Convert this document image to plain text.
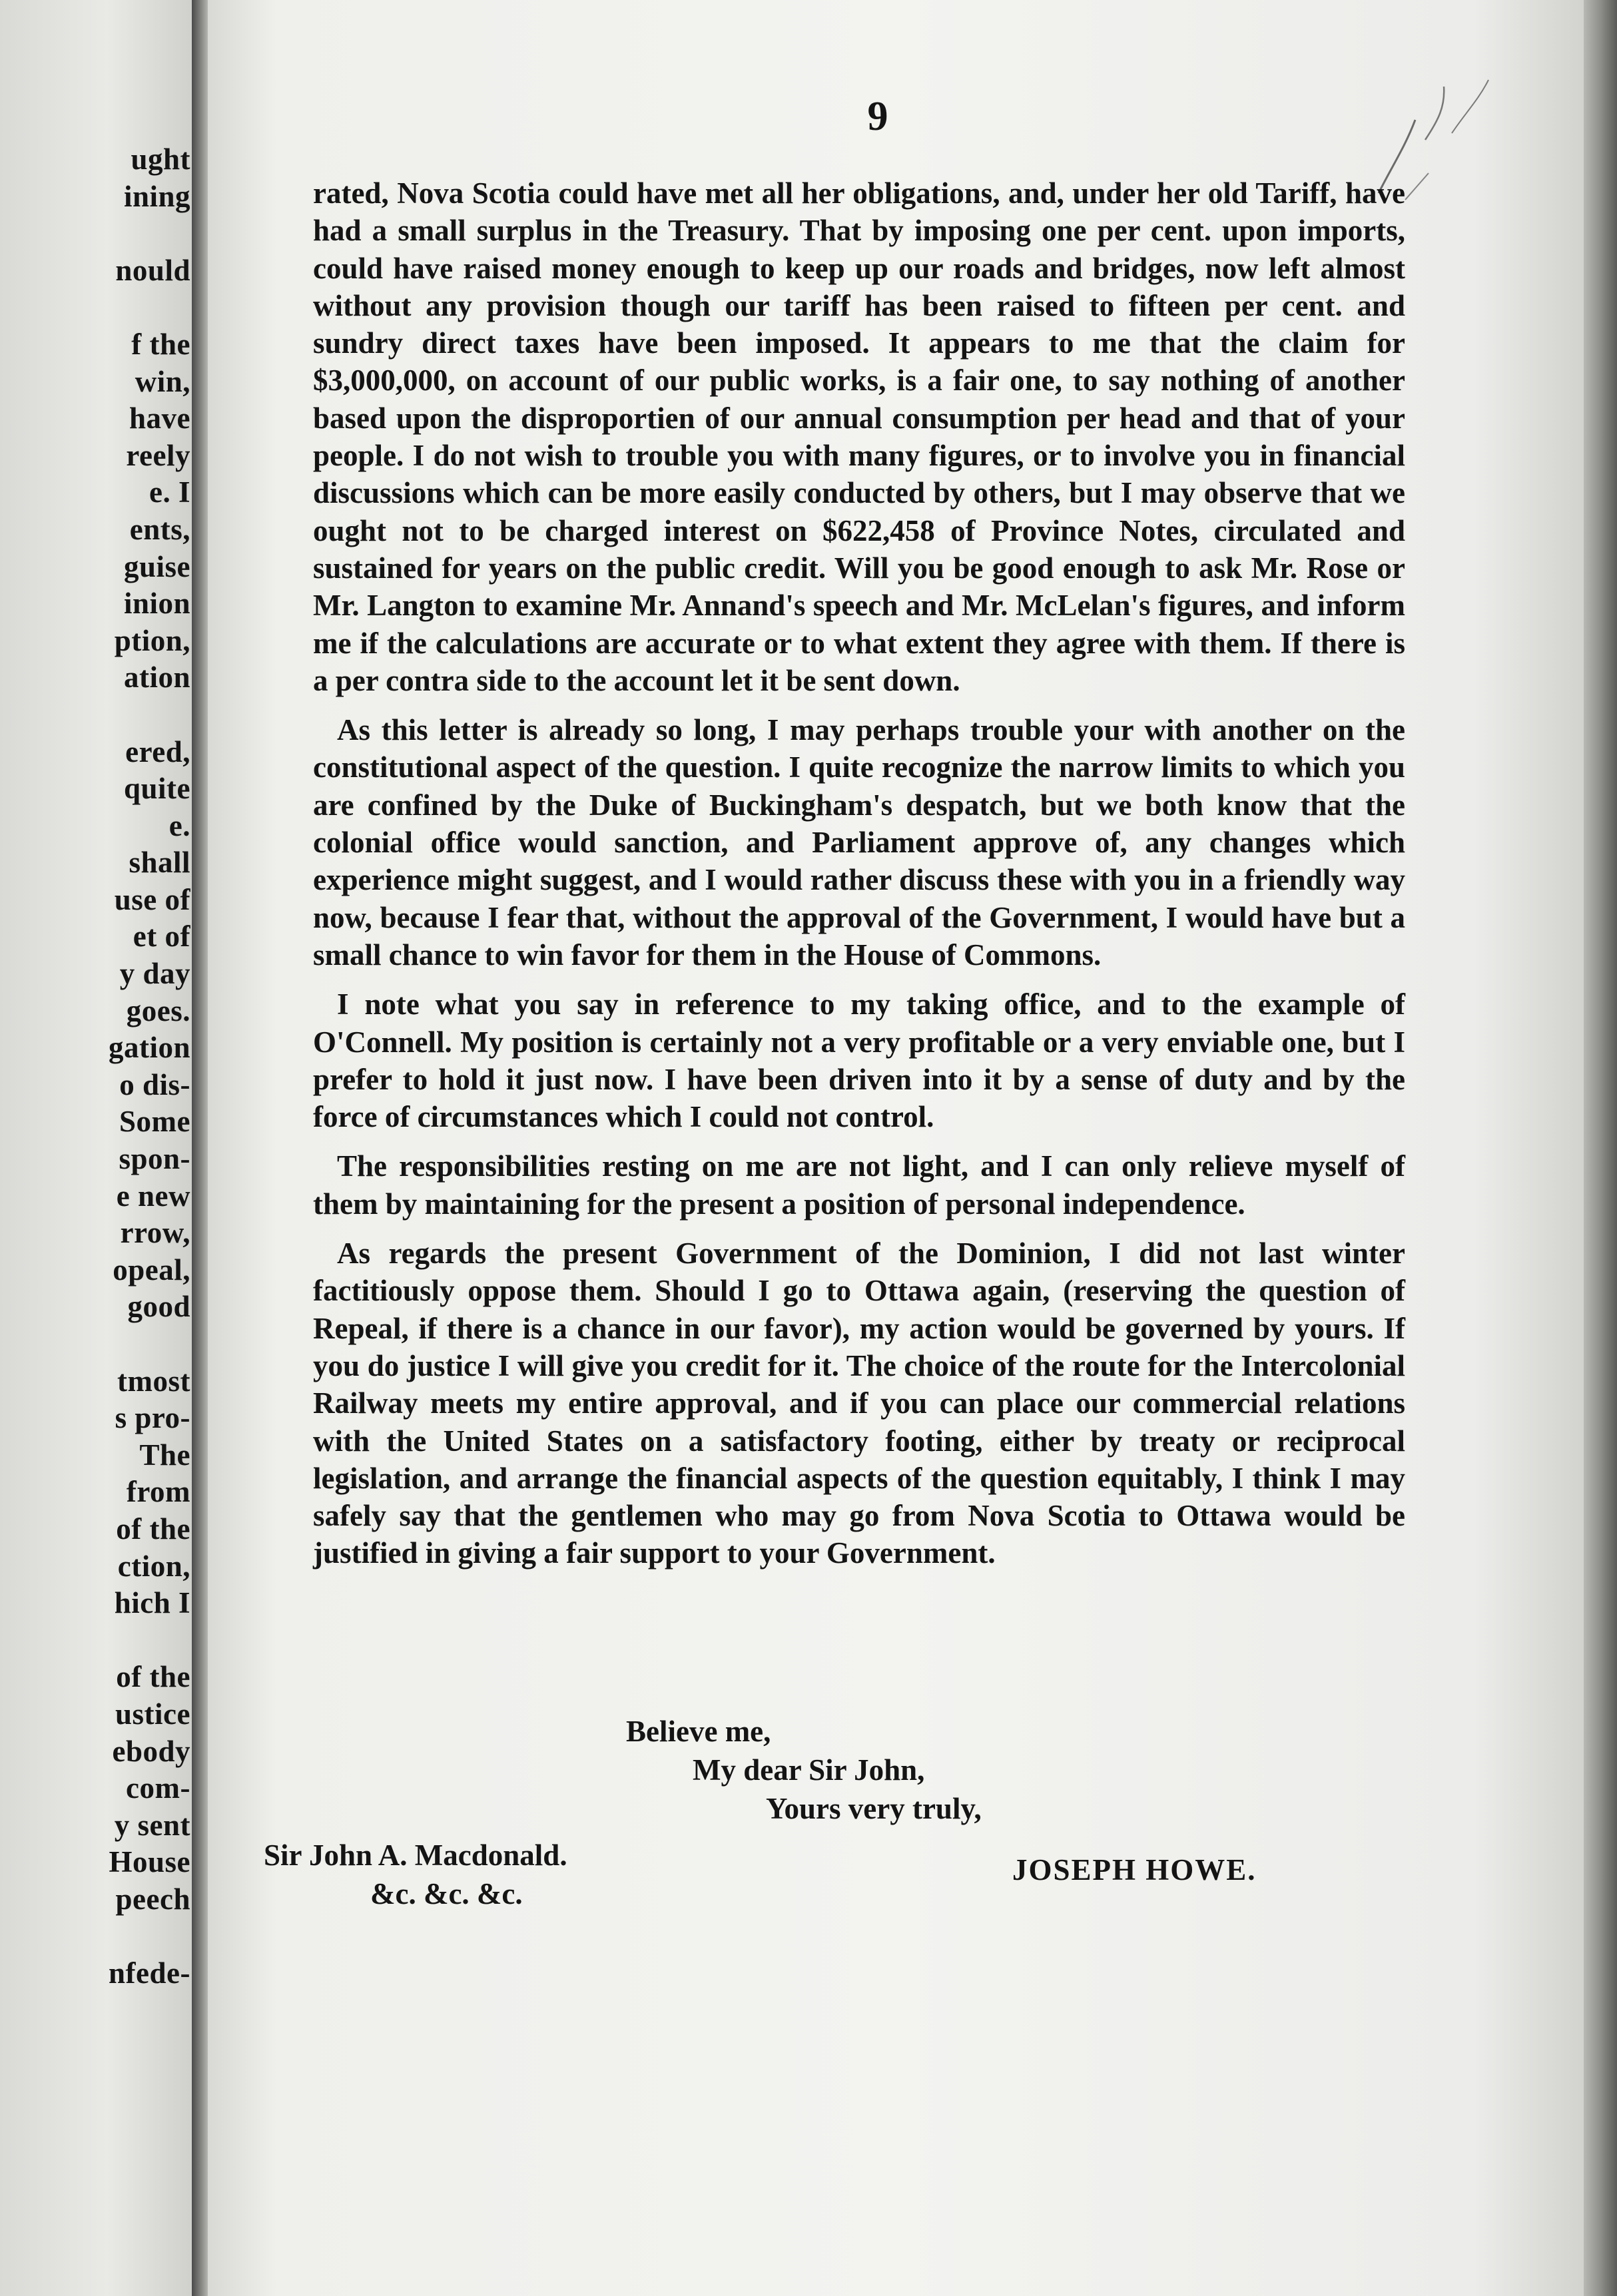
ught
ining
nould
f the
win,
have
reely
e. I
ents,
guise
inion
ption,
ation
ered,
quite
e.
shall
use of
et of
y day
goes.
gation
o dis-
Some
spon-
e new
rrow,
opeal,
good
tmost
s pro-
The
from
of the
ction,
hich I
of the
ustice
ebody
com-
y sent
House
peech
nfede-
9

rated, Nova Scotia could have met all her obligations, and, under her old Tariff, have had a small surplus in the Treasury. That by imposing one per cent. upon imports, could have raised money enough to keep up our roads and bridges, now left almost without any provision though our tariff has been raised to fifteen per cent. and sundry direct taxes have been imposed. It appears to me that the claim for $3,000,000, on account of our public works, is a fair one, to say nothing of another based upon the disproportien of our annual consumption per head and that of your people. I do not wish to trouble you with many figures, or to involve you in financial discussions which can be more easily conducted by others, but I may observe that we ought not to be charged interest on $622,458 of Province Notes, circulated and sustained for years on the public credit. Will you be good enough to ask Mr. Rose or Mr. Langton to examine Mr. Annand's speech and Mr. McLelan's figures, and inform me if the calculations are accurate or to what extent they agree with them. If there is a per contra side to the account let it be sent down.

As this letter is already so long, I may perhaps trouble your with another on the constitutional aspect of the question. I quite recognize the narrow limits to which you are confined by the Duke of Buckingham's despatch, but we both know that the colonial office would sanction, and Parliament approve of, any changes which experience might suggest, and I would rather discuss these with you in a friendly way now, because I fear that, without the approval of the Government, I would have but a small chance to win favor for them in the House of Commons.

I note what you say in reference to my taking office, and to the example of O'Connell. My position is certainly not a very profitable or a very enviable one, but I prefer to hold it just now. I have been driven into it by a sense of duty and by the force of circumstances which I could not control.

The responsibilities resting on me are not light, and I can only relieve myself of them by maintaining for the present a position of personal independence.

As regards the present Government of the Dominion, I did not last winter factitiously oppose them. Should I go to Ottawa again, (reserving the question of Repeal, if there is a chance in our favor), my action would be governed by yours. If you do justice I will give you credit for it. The choice of the route for the Intercolonial Railway meets my entire approval, and if you can place our commercial relations with the United States on a satisfactory footing, either by treaty or reciprocal legislation, and arrange the financial aspects of the question equitably, I think I may safely say that the gentlemen who may go from Nova Scotia to Ottawa would be justified in giving a fair support to your Government.

Believe me,
My dear Sir John,
Yours very truly,
Sir John A. Macdonald.
&c. &c. &c.
JOSEPH HOWE.
